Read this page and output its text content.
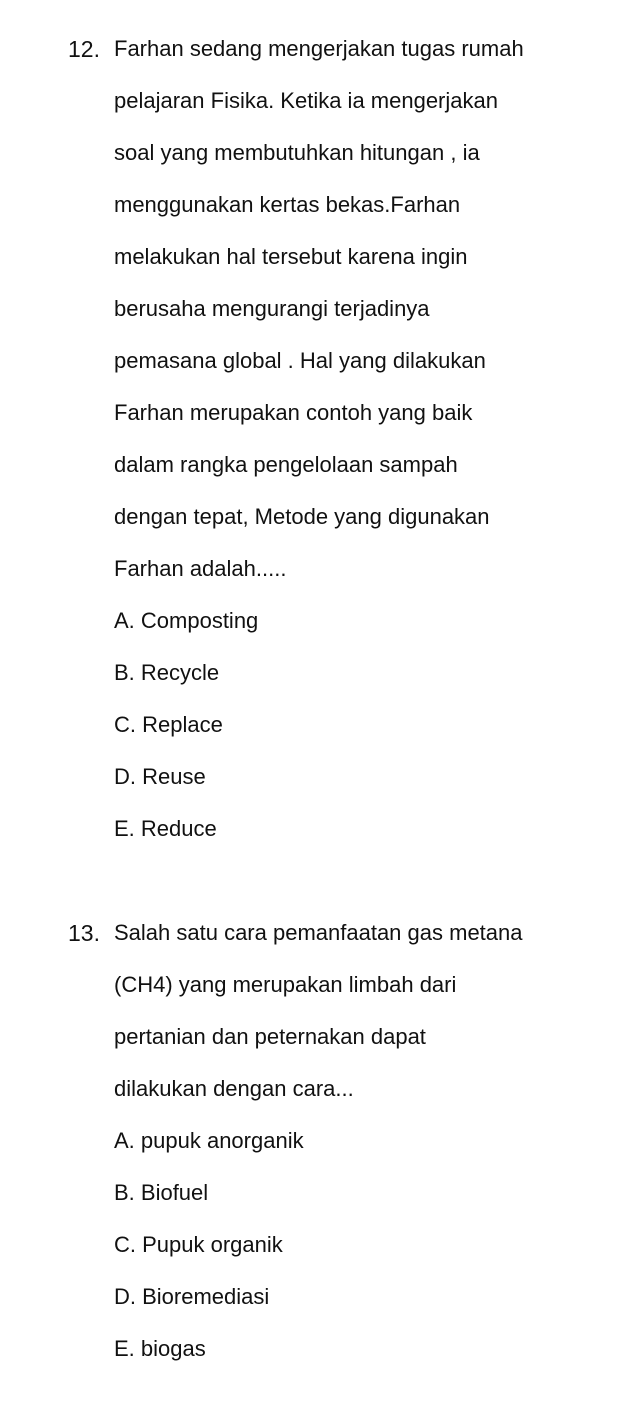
12. Farhan sedang mengerjakan tugas rumah
pelajaran Fisika. Ketika ia mengerjakan
soal yang membutuhkan hitungan , ia
menggunakan kertas bekas.Farhan
melakukan hal tersebut karena ingin
berusaha mengurangi terjadinya
pemasana global . Hal yang dilakukan
Farhan merupakan contoh yang baik
dalam rangka pengelolaan sampah
dengan tepat, Metode yang digunakan
Farhan adalah.....
A. Composting
B. Recycle
C. Replace
D. Reuse
E. Reduce
13. Salah satu cara pemanfaatan gas metana
(CH4) yang merupakan limbah dari
pertanian dan peternakan dapat
dilakukan dengan cara...
A. pupuk anorganik
B. Biofuel
C. Pupuk organik
D. Bioremediasi
E. biogas
